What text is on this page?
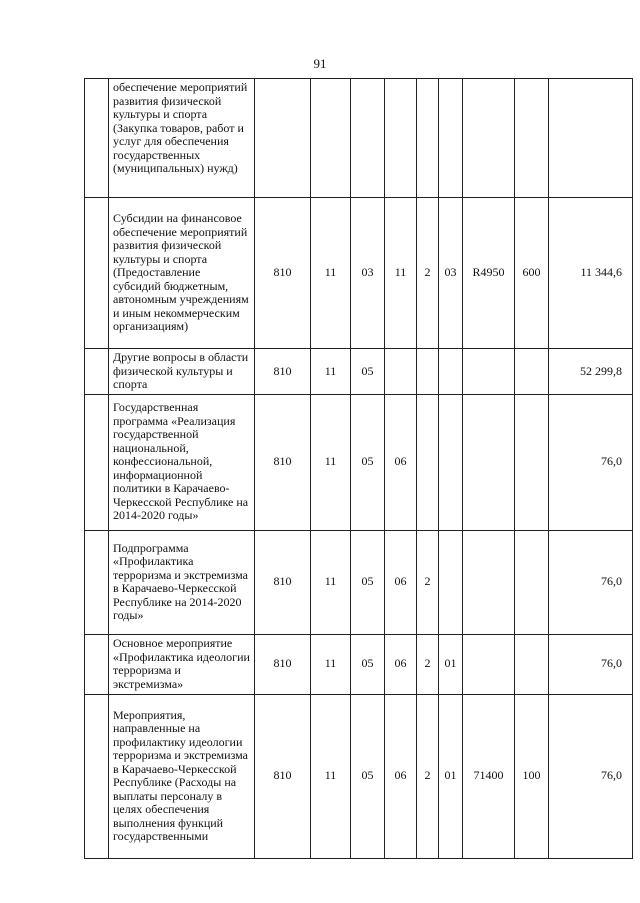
91
	обеспечение мероприятий развития физической культуры и спорта (Закупка товаров, работ и услуг для обеспечения государственных (муниципальных) нужд)									
	Субсидии на финансовое обеспечение мероприятий развития физической культуры и спорта (Предоставление субсидий бюджетным, автономным учреждениям и иным некоммерческим организациям)	810	11	03	11	2	03	R4950	600	11 344,6
	Другие вопросы в области физической культуры и спорта	810	11	05						52 299,8
	Государственная программа «Реализация государственной национальной, конфессиональной, информационной политики в Карачаево-Черкесской Республике на 2014-2020 годы»	810	11	05	06					76,0
	Подпрограмма «Профилактика терроризма и экстремизма в Карачаево-Черкесской Республике на 2014-2020 годы»	810	11	05	06	2				76,0
	Основное мероприятие «Профилактика идеологии терроризма и экстремизма»	810	11	05	06	2	01			76,0
	Мероприятия, направленные на профилактику идеологии терроризма и экстремизма в Карачаево-Черкесской Республике (Расходы на выплаты персоналу в целях обеспечения выполнения функций государственными	810	11	05	06	2	01	71400	100	76,0
